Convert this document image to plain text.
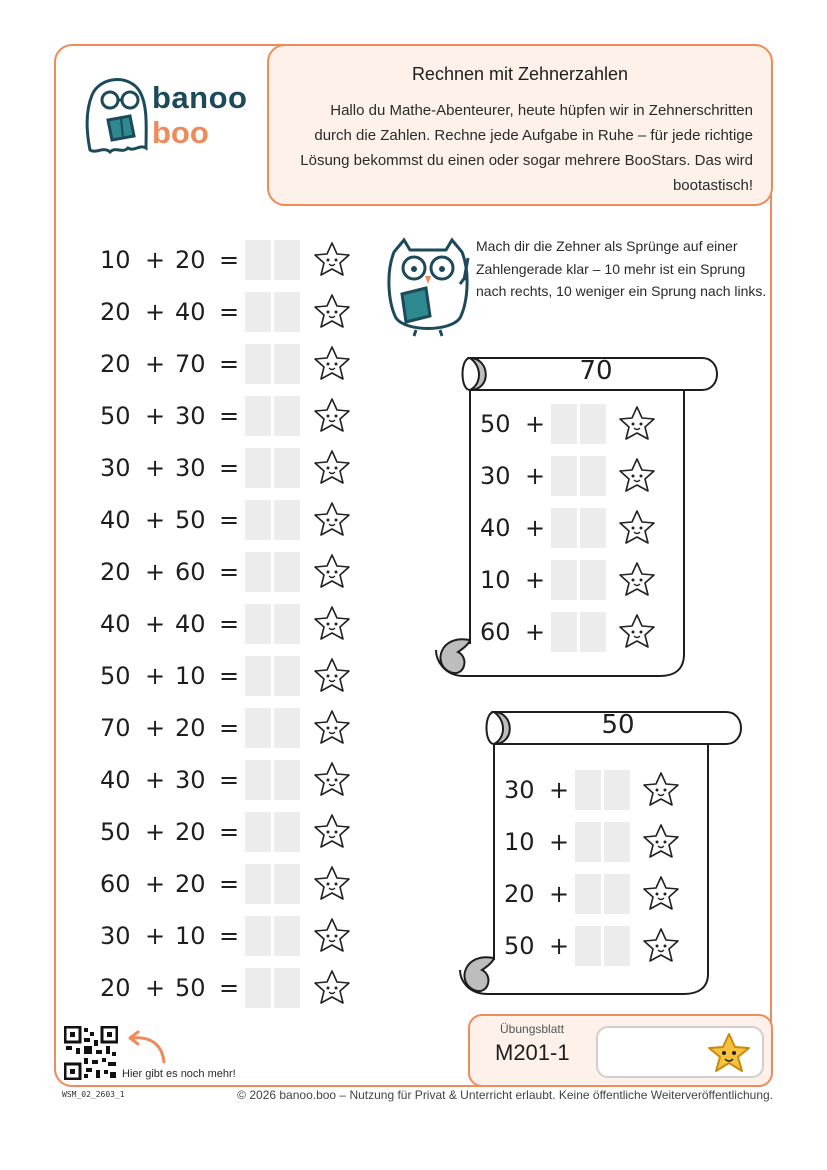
banoo
boo
Rechnen mit Zehnerzahlen
Hallo du Mathe-Abenteurer, heute hüpfen wir in Zehnerschritten durch die Zahlen. Rechne jede Aufgabe in Ruhe – für jede richtige Lösung bekommst du einen oder sogar mehrere BooStars. Das wird bootastisch!
10 + 20 =
20 + 40 =
20 + 70 =
50 + 30 =
30 + 30 =
40 + 50 =
20 + 60 =
40 + 40 =
50 + 10 =
70 + 20 =
40 + 30 =
50 + 20 =
60 + 20 =
30 + 10 =
20 + 50 =
Mach dir die Zehner als Sprünge auf einer Zahlengerade klar – 10 mehr ist ein Sprung nach rechts, 10 weniger ein Sprung nach links.
70
50 +
30 +
40 +
10 +
60 +
50
30 +
10 +
20 +
50 +
Hier gibt es noch mehr!
Übungsblatt
M201-1
WSM_02_2603_1	© 2026 banoo.boo – Nutzung für Privat & Unterricht erlaubt. Keine öffentliche Weiterveröffentlichung.
